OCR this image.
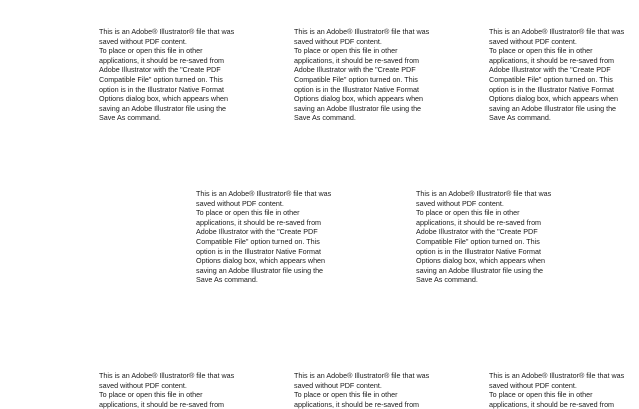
This is an Adobe® Illustrator® file that was
saved without PDF content.
To place or open this file in other
applications, it should be re-saved from
Adobe Illustrator with the "Create PDF
Compatible File" option turned on. This
option is in the Illustrator Native Format
Options dialog box, which appears when
saving an Adobe Illustrator file using the
Save As command.
This is an Adobe® Illustrator® file that was
saved without PDF content.
To place or open this file in other
applications, it should be re-saved from
Adobe Illustrator with the "Create PDF
Compatible File" option turned on. This
option is in the Illustrator Native Format
Options dialog box, which appears when
saving an Adobe Illustrator file using the
Save As command.
This is an Adobe® Illustrator® file that was
saved without PDF content.
To place or open this file in other
applications, it should be re-saved from
Adobe Illustrator with the "Create PDF
Compatible File" option turned on. This
option is in the Illustrator Native Format
Options dialog box, which appears when
saving an Adobe Illustrator file using the
Save As command.
This is an Adobe® Illustrator® file that was
saved without PDF content.
To place or open this file in other
applications, it should be re-saved from
Adobe Illustrator with the "Create PDF
Compatible File" option turned on. This
option is in the Illustrator Native Format
Options dialog box, which appears when
saving an Adobe Illustrator file using the
Save As command.
This is an Adobe® Illustrator® file that was
saved without PDF content.
To place or open this file in other
applications, it should be re-saved from
Adobe Illustrator with the "Create PDF
Compatible File" option turned on. This
option is in the Illustrator Native Format
Options dialog box, which appears when
saving an Adobe Illustrator file using the
Save As command.
This is an Adobe® Illustrator® file that was
saved without PDF content.
To place or open this file in other
applications, it should be re-saved from
This is an Adobe® Illustrator® file that was
saved without PDF content.
To place or open this file in other
applications, it should be re-saved from
This is an Adobe® Illustrator® file that was
saved without PDF content.
To place or open this file in other
applications, it should be re-saved from
